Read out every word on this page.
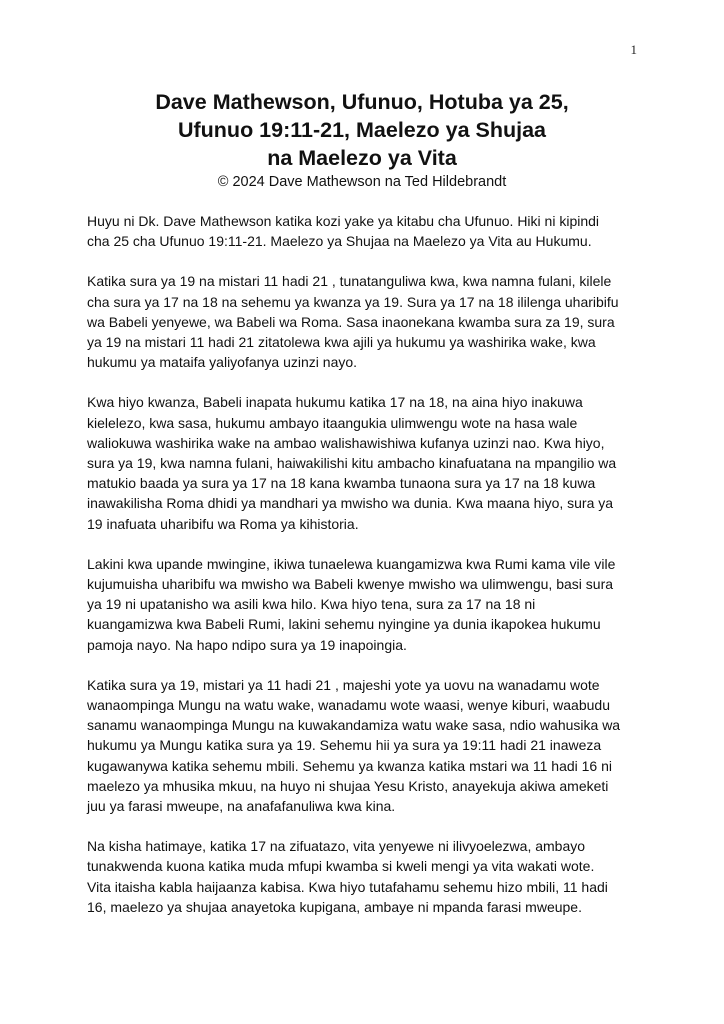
1
Dave Mathewson, Ufunuo, Hotuba ya 25,
Ufunuo 19:11-21, Maelezo ya Shujaa
na Maelezo ya Vita
© 2024 Dave Mathewson na Ted Hildebrandt

Huyu ni Dk. Dave Mathewson katika kozi yake ya kitabu cha Ufunuo. Hiki ni kipindi
cha 25 cha Ufunuo 19:11-21. Maelezo ya Shujaa na Maelezo ya Vita au Hukumu.

Katika sura ya 19 na mistari 11 hadi 21 , tunatanguliwa kwa, kwa namna fulani, kilele
cha sura ya 17 na 18 na sehemu ya kwanza ya 19. Sura ya 17 na 18 ililenga uharibifu
wa Babeli yenyewe, wa Babeli wa Roma. Sasa inaonekana kwamba sura za 19, sura
ya 19 na mistari 11 hadi 21 zitatolewa kwa ajili ya hukumu ya washirika wake, kwa
hukumu ya mataifa yaliyofanya uzinzi nayo.

Kwa hiyo kwanza, Babeli inapata hukumu katika 17 na 18, na aina hiyo inakuwa
kielelezo, kwa sasa, hukumu ambayo itaangukia ulimwengu wote na hasa wale
waliokuwa washirika wake na ambao walishawishiwa kufanya uzinzi nao. Kwa hiyo,
sura ya 19, kwa namna fulani, haiwakilishi kitu ambacho kinafuatana na mpangilio wa
matukio baada ya sura ya 17 na 18 kana kwamba tunaona sura ya 17 na 18 kuwa
inawakilisha Roma dhidi ya mandhari ya mwisho wa dunia. Kwa maana hiyo, sura ya
19 inafuata uharibifu wa Roma ya kihistoria.

Lakini kwa upande mwingine, ikiwa tunaelewa kuangamizwa kwa Rumi kama vile vile
kujumuisha uharibifu wa mwisho wa Babeli kwenye mwisho wa ulimwengu, basi sura
ya 19 ni upatanisho wa asili kwa hilo. Kwa hiyo tena, sura za 17 na 18 ni
kuangamizwa kwa Babeli Rumi, lakini sehemu nyingine ya dunia ikapokea hukumu
pamoja nayo. Na hapo ndipo sura ya 19 inapoingia.

Katika sura ya 19, mistari ya 11 hadi 21 , majeshi yote ya uovu na wanadamu wote
wanaompinga Mungu na watu wake, wanadamu wote waasi, wenye kiburi, waabudu
sanamu wanaompinga Mungu na kuwakandamiza watu wake sasa, ndio wahusika wa
hukumu ya Mungu katika sura ya 19. Sehemu hii ya sura ya 19:11 hadi 21 inaweza
kugawanywa katika sehemu mbili. Sehemu ya kwanza katika mstari wa 11 hadi 16 ni
maelezo ya mhusika mkuu, na huyo ni shujaa Yesu Kristo, anayekuja akiwa ameketi
juu ya farasi mweupe, na anafafanuliwa kwa kina.

Na kisha hatimaye, katika 17 na zifuatazo, vita yenyewe ni ilivyoelezwa, ambayo
tunakwenda kuona katika muda mfupi kwamba si kweli mengi ya vita wakati wote.
Vita itaisha kabla haijaanza kabisa. Kwa hiyo tutafahamu sehemu hizo mbili, 11 hadi
16, maelezo ya shujaa anayetoka kupigana, ambaye ni mpanda farasi mweupe.
